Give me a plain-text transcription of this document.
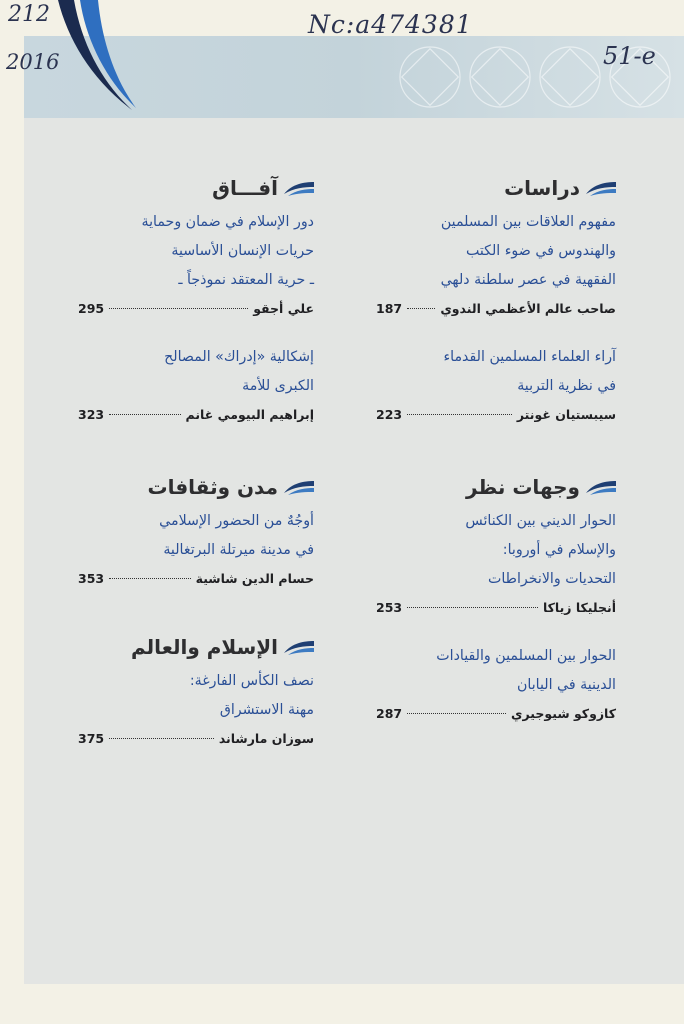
Nc:a474381

212

2016	51-e

دراسات

مفهوم العلاقات بين المسلمين

والهندوس في ضوء الكتب

الفقهية في عصر سلطنة دلهي

صاحب عالم الأعظمي الندوي
187

آراء العلماء المسلمين القدماء

في نظرية التربية

سيبستيان غونتر
223

وجهات نظر

الحوار الديني بين الكنائس

والإسلام في أوروبا:

التحديات والانخراطات

أنجليكا زياكا
253

الحوار بين المسلمين والقيادات

الدينية في اليابان

كازوكو شيوجيري
287

آفـــاق

دور الإسلام في ضمان وحماية

حريات الإنسان الأساسية

ـ حرية المعتقد نموذجاً ـ

علي أجقو
295

إشكالية «إدراك» المصالح

الكبرى للأمة

إبراهيم البيومي غانم
323

مدن وثقافات

أوجُهٌ من الحضور الإسلامي

في مدينة ميرتلة البرتغالية

حسام الدين شاشية
353

الإسلام والعالم

نصف الكأس الفارغة:

مهنة الاستشراق

سوزان مارشاند
375
